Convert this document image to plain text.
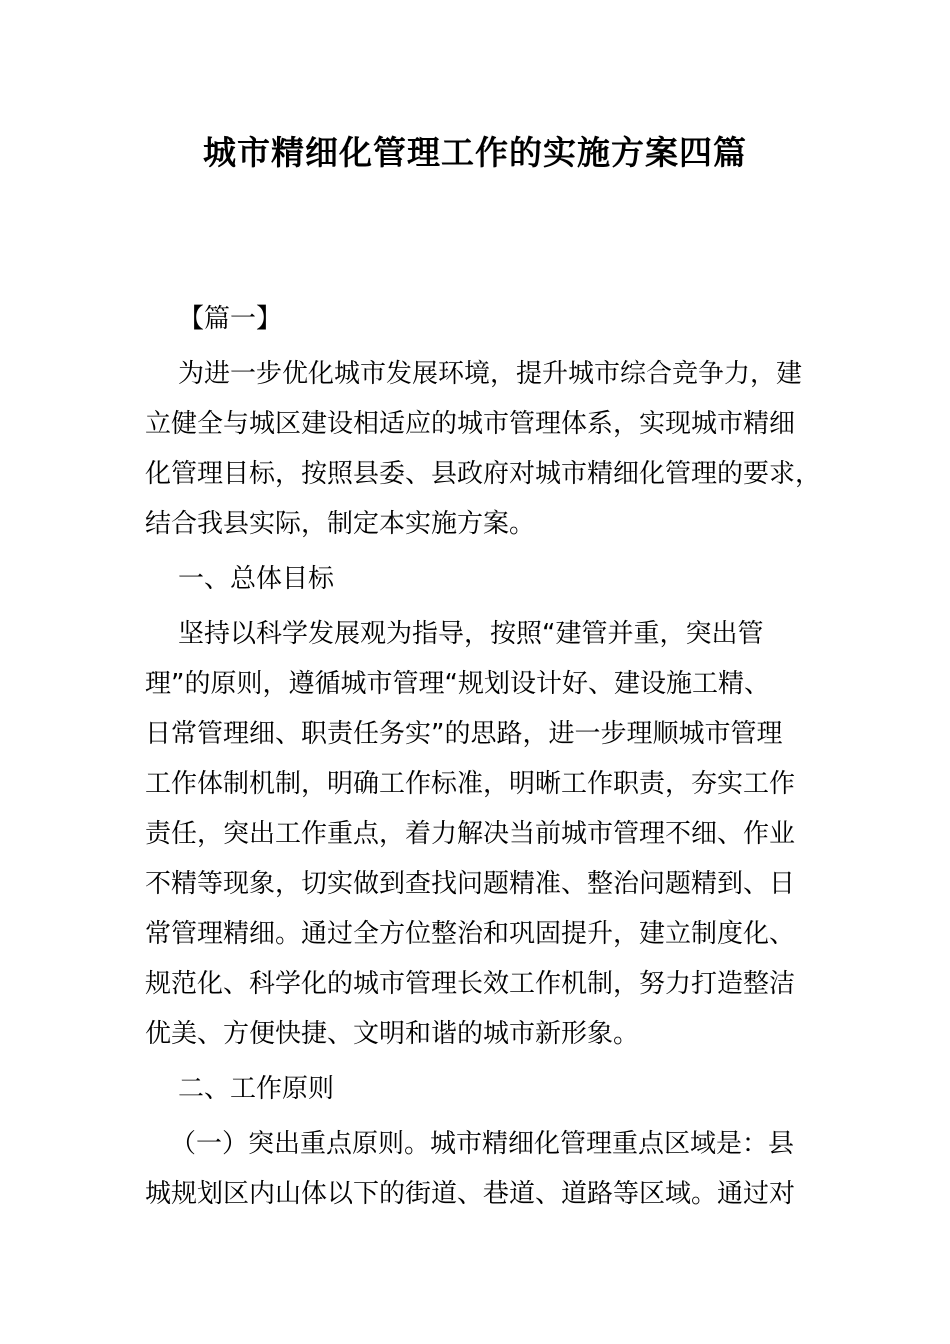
城市精细化管理工作的实施方案四篇
【篇一】
为进一步优化城市发展环境，提升城市综合竞争力，建
立健全与城区建设相适应的城市管理体系，实现城市精细
化管理目标，按照县委、县政府对城市精细化管理的要求，
结合我县实际，制定本实施方案。
一、总体目标
坚持以科学发展观为指导，按照“建管并重，突出管
理”的原则，遵循城市管理“规划设计好、建设施工精、
日常管理细、职责任务实”的思路，进一步理顺城市管理
工作体制机制，明确工作标准，明晰工作职责，夯实工作
责任，突出工作重点，着力解决当前城市管理不细、作业
不精等现象，切实做到查找问题精准、整治问题精到、日
常管理精细。通过全方位整治和巩固提升，建立制度化、
规范化、科学化的城市管理长效工作机制，努力打造整洁
优美、方便快捷、文明和谐的城市新形象。
二、工作原则
（一）突出重点原则。城市精细化管理重点区域是：县
城规划区内山体以下的街道、巷道、道路等区域。通过对
